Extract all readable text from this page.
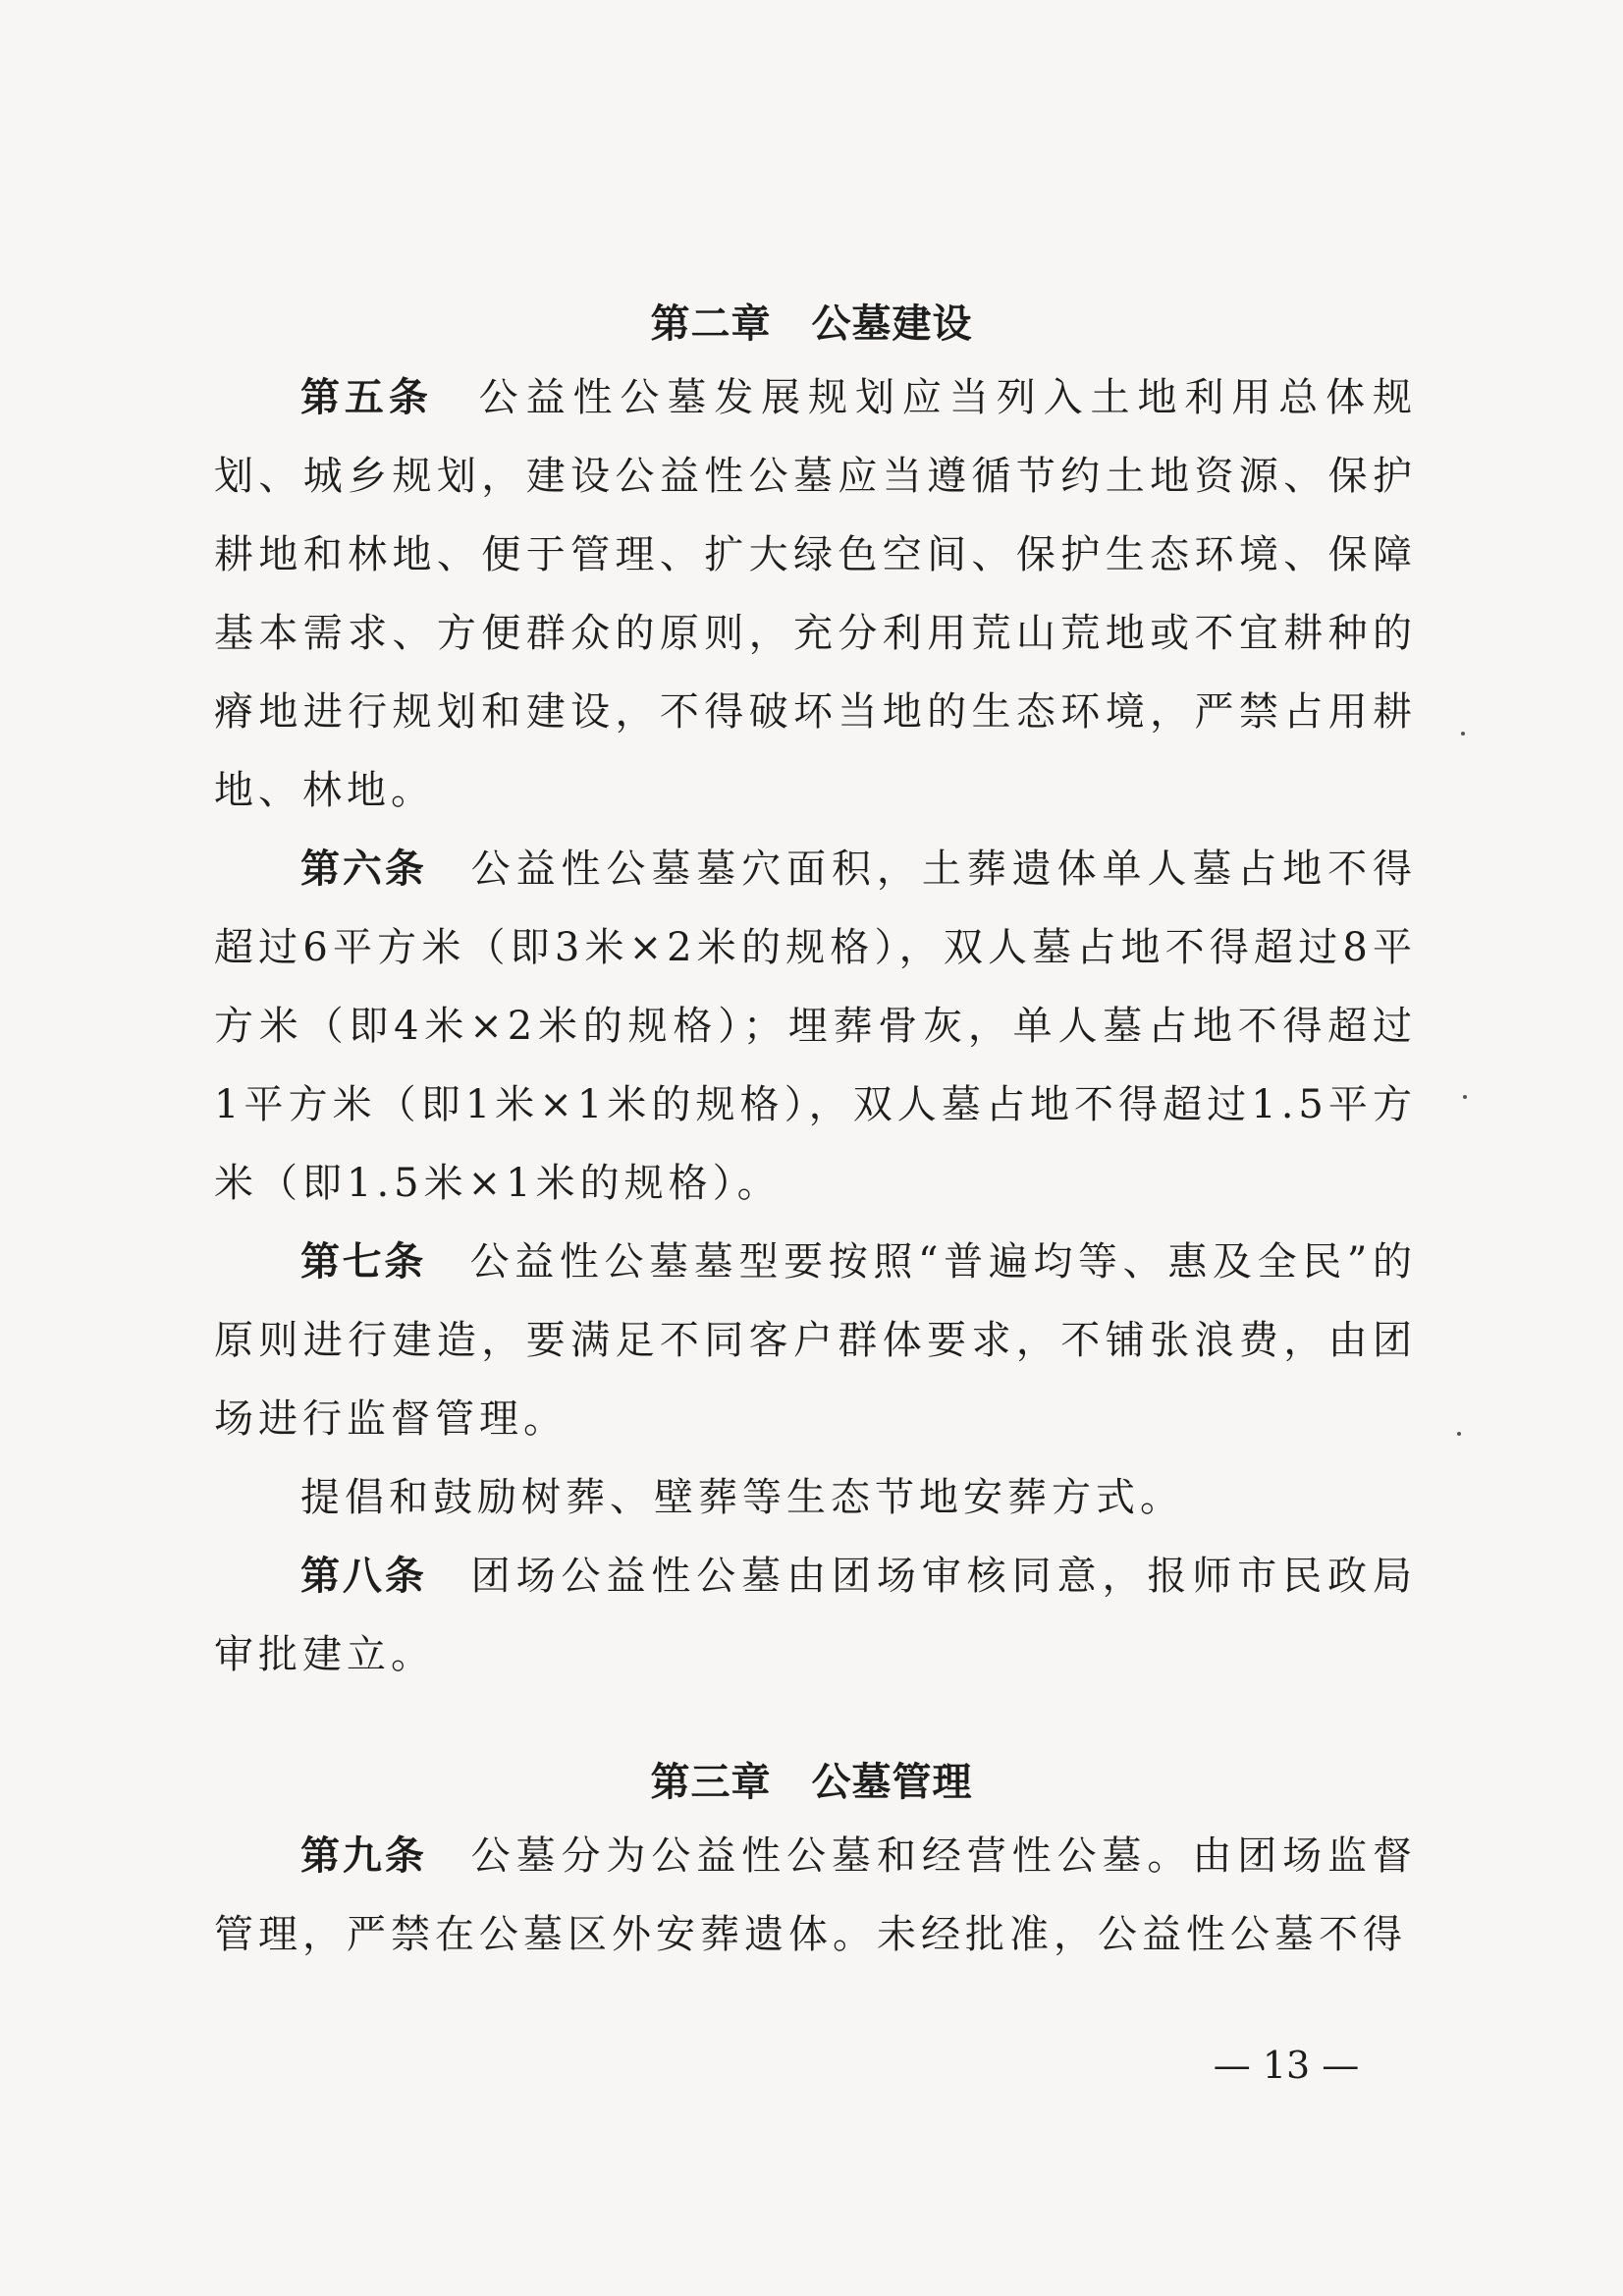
第二章　公墓建设
第五条 公益性公墓发展规划应当列入土地利用总体规划、城乡规划，建设公益性公墓应当遵循节约土地资源、保护耕地和林地、便于管理、扩大绿色空间、保护生态环境、保障基本需求、方便群众的原则，充分利用荒山荒地或不宜耕种的瘠地进行规划和建设，不得破坏当地的生态环境，严禁占用耕地、林地。
第六条 公益性公墓墓穴面积，土葬遗体单人墓占地不得超过6平方米（即3米×2米的规格），双人墓占地不得超过8平方米（即4米×2米的规格）；埋葬骨灰，单人墓占地不得超过1平方米（即1米×1米的规格），双人墓占地不得超过1.5平方米（即1.5米×1米的规格）。
第七条 公益性公墓墓型要按照“普遍均等、惠及全民”的原则进行建造，要满足不同客户群体要求，不铺张浪费，由团场进行监督管理。
提倡和鼓励树葬、壁葬等生态节地安葬方式。
第八条 团场公益性公墓由团场审核同意，报师市民政局审批建立。
第三章　公墓管理
第九条 公墓分为公益性公墓和经营性公墓。由团场监督管理，严禁在公墓区外安葬遗体。未经批准，公益性公墓不得
— 13 —
